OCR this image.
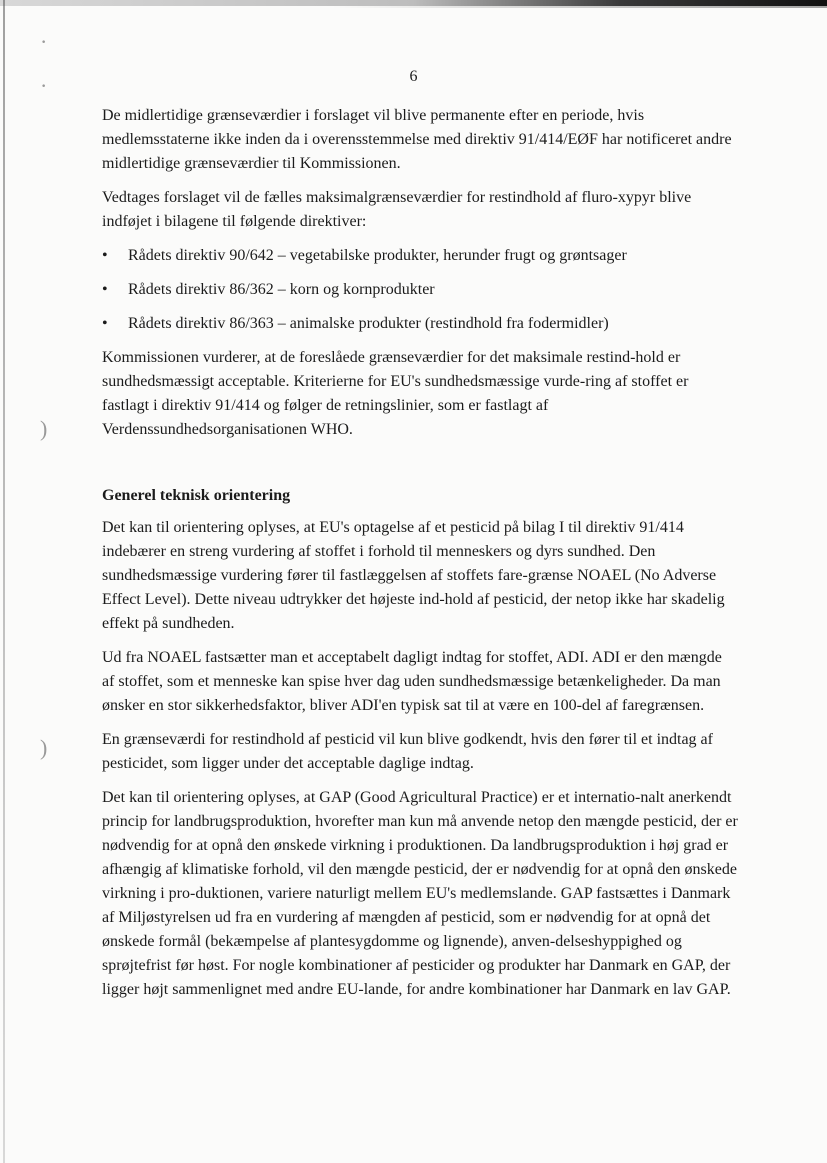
·
·
)
)
6

De midlertidige grænseværdier i forslaget vil blive permanente efter en periode, hvis medlemsstaterne ikke inden da i overensstemmelse med direktiv 91/414/EØF har notificeret andre midlertidige grænseværdier til Kommissionen.

Vedtages forslaget vil de fælles maksimalgrænseværdier for restindhold af fluro-xypyr blive indføjet i bilagene til følgende direktiver:

•	Rådets direktiv 90/642 – vegetabilske produkter, herunder frugt og grøntsager
•	Rådets direktiv 86/362 – korn og kornprodukter
•	Rådets direktiv 86/363 – animalske produkter (restindhold fra fodermidler)

Kommissionen vurderer, at de foreslåede grænseværdier for det maksimale restind-hold er sundhedsmæssigt acceptable. Kriterierne for EU's sundhedsmæssige vurde-ring af stoffet er fastlagt i direktiv 91/414 og følger de retningslinier, som er fastlagt af Verdenssundhedsorganisationen WHO.

Generel teknisk orientering

Det kan til orientering oplyses, at EU's optagelse af et pesticid på bilag I til direktiv 91/414 indebærer en streng vurdering af stoffet i forhold til menneskers og dyrs sundhed. Den sundhedsmæssige vurdering fører til fastlæggelsen af stoffets fare-grænse NOAEL (No Adverse Effect Level). Dette niveau udtrykker det højeste ind-hold af pesticid, der netop ikke har skadelig effekt på sundheden.

Ud fra NOAEL fastsætter man et acceptabelt dagligt indtag for stoffet, ADI. ADI er den mængde af stoffet, som et menneske kan spise hver dag uden sundhedsmæssige betænkeligheder. Da man ønsker en stor sikkerhedsfaktor, bliver ADI'en typisk sat til at være en 100-del af faregrænsen.

En grænseværdi for restindhold af pesticid vil kun blive godkendt, hvis den fører til et indtag af pesticidet, som ligger under det acceptable daglige indtag.

Det kan til orientering oplyses, at GAP (Good Agricultural Practice) er et internatio-nalt anerkendt princip for landbrugsproduktion, hvorefter man kun må anvende netop den mængde pesticid, der er nødvendig for at opnå den ønskede virkning i produktionen. Da landbrugsproduktion i høj grad er afhængig af klimatiske forhold, vil den mængde pesticid, der er nødvendig for at opnå den ønskede virkning i pro-duktionen, variere naturligt mellem EU's medlemslande. GAP fastsættes i Danmark af Miljøstyrelsen ud fra en vurdering af mængden af pesticid, som er nødvendig for at opnå det ønskede formål (bekæmpelse af plantesygdomme og lignende), anven-delseshyppighed og sprøjtefrist før høst. For nogle kombinationer af pesticider og produkter har Danmark en GAP, der ligger højt sammenlignet med andre EU-lande, for andre kombinationer har Danmark en lav GAP.
